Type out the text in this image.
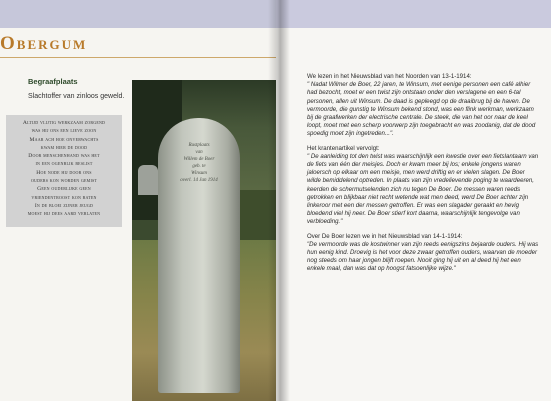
Obergum
Begraafplaats
Slachtoffer van zinloos geweld.
Altijd vlijtig werkzaam zorgend
was hij ons een lieve zoon
Maar ach hoe onverwachts
kwam hier de dood
Door menschenhand was het
in een ogenblik beslist
Hoe node hij door ons
ouders kon worden gemist
Geen ouderlijke geen
vriendentroost kon baten
In de bloei zijner jeugd
moest hij dees aard verlaten
Rustplaats
van
Willem de Boer
geb. te
Winsum
overl. 14 Jan 1914

We lezen in het Nieuwsblad van het Noorden van 13-1-1914:

" Nadat Wilmer de Boer, 22 jaren, te Winsum, met eenige personen een café alhier had bezocht, moet er een twist zijn ontstaan onder den verslagene en een 6-tal personen, allen uit Winsum. De daad is gepleegd op de draaibrug bij de haven. De vermoorde, die gunstig te Winsum bekend stond, was een flink werkman, werkzaam bij de graafwerken der electrische centrale. De steek, die van het oor naar de keel loopt, moet met een scherp voorwerp zijn toegebracht en was zoodanig, dat de dood spoedig moet zijn ingetreden...".

Het krantenartikel vervolgt:

" De aanleiding tot den twist was waarschijnlijk een kwestie over een fietslantaarn van de fiets van één der meisjes. Doch er kwam meer bij los; enkele jongens waren jaloersch op elkaar om een meisje, men werd driftig en er vielen slagen. De Boer wilde bemiddelend optreden. In plaats van zijn vredelievende poging te waardeeren, keerden de schermutselenden zich nu tegen De Boer. De messen waren reeds getrokken en blijkbaar niet recht wetende wat men deed, werd De Boer achter zijn linkeroor met een der messen getroffen. Er was een slagader geraakt en hevig bloedend viel hij neer. De Boer stierf kort daarna, waarschijnlijk tengevolge van verbloeding."

Over De Boer lezen we in het Nieuwsblad van 14-1-1914:

"De vermoorde was de kostwinner van zijn reeds eenigszins bejaarde ouders. Hij was hun eenig kind. Droevig is het voor deze zwaar getroffen ouders, waarvan de moeder nog steeds om haar jongen blijft roepen. Nooit ging hij uit en al deed hij het een enkele maal, dan was dat op hoogst fatsoenlijke wijze."
